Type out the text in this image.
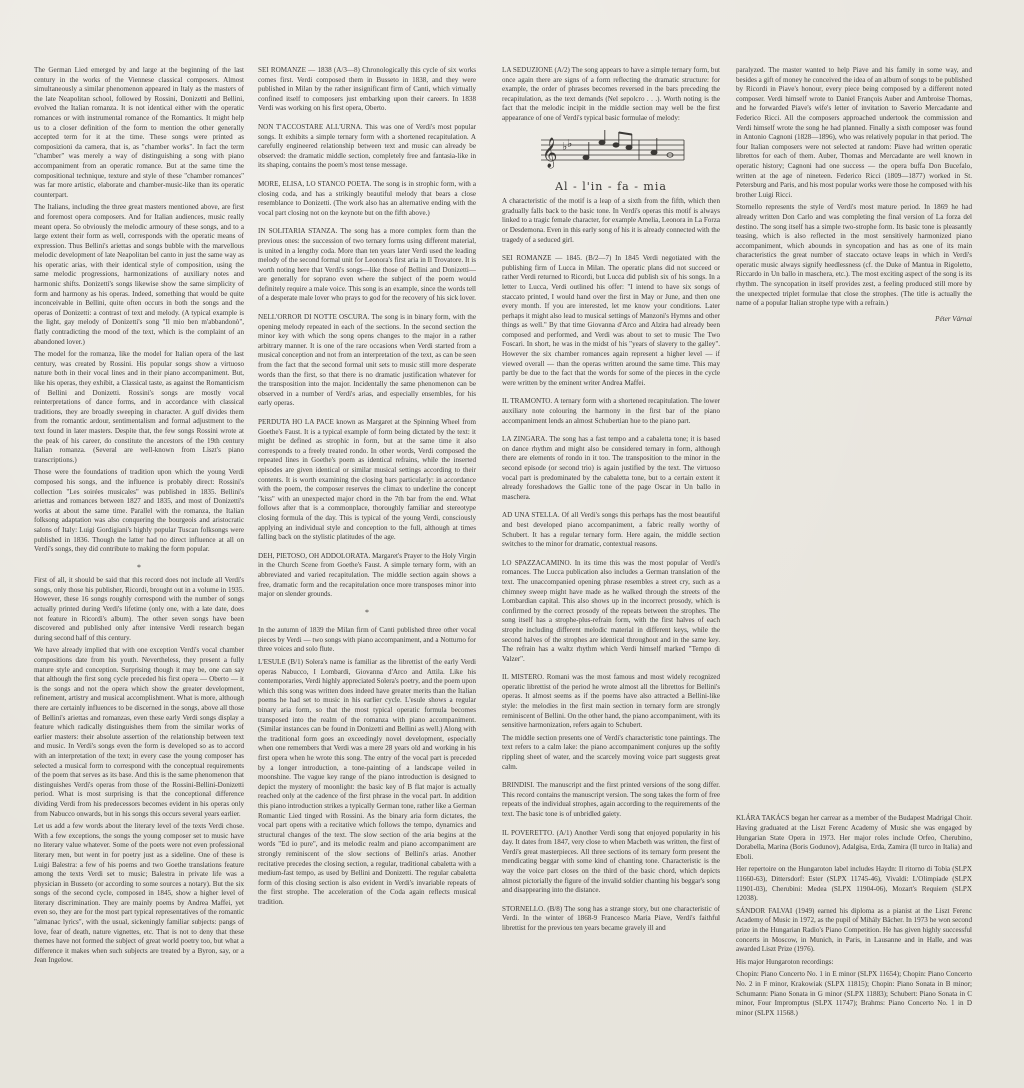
The German Lied emerged by and large at the beginning of the last century in the works of the Viennese classical composers. Almost simultaneously a similar phenomenon appeared in Italy as the masters of the late Neapolitan school, followed by Rossini, Donizetti and Bellini, evolved the Italian romanza. It is not identical either with the operatic romances or with instrumental romance of the Romantics. It might help us to a closer definition of the form to mention the other generally accepted term for it at the time. These songs were printed as composizioni da camera, that is, as "chamber works". In fact the term "chamber" was merely a way of distinguishing a song with piano accompaniment from an operatic romance. But at the same time the compositional technique, texture and style of these "chamber romances" was far more artistic, elaborate and chamber-music-like than its operatic counterpart.

The Italians, including the three great masters mentioned above, are first and foremost opera composers. And for Italian audiences, music really meant opera. So obviously the melodic armoury of these songs, and to a large extent their form as well, corresponds with the operatic means of expression. Thus Bellini's ariettas and songs bubble with the marvellous melodic development of late Neapolitan bel canto in just the same way as his operatic arias, with their identical style of composition, using the same melodic progressions, harmonizations of auxiliary notes and harmonic shifts. Donizetti's songs likewise show the same simplicity of form and harmony as his operas. Indeed, something that would be quite inconceivable in Bellini, quite often occurs in both the songs and the operas of Donizetti: a contrast of text and melody. (A typical example is the light, gay melody of Donizetti's song "Il mio ben m'abbandonò", flatly contradicting the mood of the text, which is the complaint of an abandoned lover.)

The model for the romanza, like the model for Italian opera of the last century, was created by Rossini. His popular songs show a virtuoso nature both in their vocal lines and in their piano accompaniment. But, like his operas, they exhibit, a Classical taste, as against the Romanticism of Bellini and Donizetti. Rossini's songs are mostly vocal reinterpretations of dance forms, and in accordance with classical traditions, they are broadly sweeping in character. A gulf divides them from the romantic ardour, sentimentalism and formal adjustment to the text found in later masters. Despite that, the few songs Rossini wrote at the peak of his career, do constitute the ancestors of the 19th century Italian romanza. (Several are well-known from Liszt's piano transcriptions.)

Those were the foundations of tradition upon which the young Verdi composed his songs, and the influence is probably direct: Rossini's collection "Les soirées musicales" was published in 1835. Bellini's ariettas and romances between 1827 and 1835, and most of Donizetti's works at about the same time. Parallel with the romanza, the Italian folksong adaptation was also conquering the bourgeois and aristocratic salons of Italy: Luigi Gordigiani's highly popular Tuscan folksongs were published in 1836. Though the latter had no direct influence at all on Verdi's songs, they did contribute to making the form popular.

*

First of all, it should be said that this record does not include all Verdi's songs, only those his publisher, Ricordi, brought out in a volume in 1935. However, these 16 songs roughly correspond with the number of songs actually printed during Verdi's lifetime (only one, with a late date, does not feature in Ricordi's album). The other seven songs have been discovered and published only after intensive Verdi research began during second half of this century.

We have already implied that with one exception Verdi's vocal chamber compositions date from his youth. Nevertheless, they present a fully mature style and conception. Surprising though it may be, one can say that although the first song cycle preceded his first opera — Oberto — it is the songs and not the opera which show the greater development, refinement, artistry and musical accomplishment. What is more, although there are certainly influences to be discerned in the songs, above all those of Bellini's ariettas and romanzas, even these early Verdi songs display a feature which radically distinguishes them from the similar works of earlier masters: their absolute assertion of the relationship between text and music. In Verdi's songs even the form is developed so as to accord with an interpretation of the text; in every case the young composer has selected a musical form to correspond with the conceptual requirements of the poem that serves as its base. And this is the same phenomenon that distinguishes Verdi's operas from those of the Rossini-Bellini-Donizetti period. What is most surprising is that the conceptional difference dividing Verdi from his predecessors becomes evident in his operas only from Nabucco onwards, but in his songs this occurs several years earlier.

Let us add a few words about the literary level of the texts Verdi chose. With a few exceptions, the songs the young composer set to music have no literary value whatever. Some of the poets were not even professional literary men, but went in for poetry just as a sideline. One of these is Luigi Balestra: a few of his poems and two Goethe translations feature among the texts Verdi set to music; Balestra in private life was a physician in Busseto (or according to some sources a notary). But the six songs of the second cycle, composed in 1845, show a higher level of literary discrimination. They are mainly poems by Andrea Maffei, yet even so, they are for the most part typical representatives of the romantic "almanac lyrics", with the usual, sickeningly familiar subjects: pangs of love, fear of death, nature vignettes, etc. That is not to deny that these themes have not formed the subject of great world poetry too, but what a difference it makes when such subjects are treated by a Byron, say, or a Jean Ingelow.

SEI ROMANZE — 1838 (A/3—8) Chronologically this cycle of six works comes first. Verdi composed them in Busseto in 1838, and they were published in Milan by the rather insignificant firm of Canti, which virtually confined itself to composers just embarking upon their careers. In 1838 Verdi was working on his first opera, Oberto.

NON T'ACCOSTARE ALL'URNA. This was one of Verdi's most popular songs. It exhibits a simple ternary form with a shortened recapitulation. A carefully engineered relationship between text and music can already be observed: the dramatic middle section, completely free and fantasia-like in its shaping, contains the poem's most tense message.

MORE, ELISA, LO STANCO POETA. The song is in strophic form, with a closing coda, and has a strikingly beautiful melody that bears a close resemblance to Donizetti. (The work also has an alternative ending with the vocal part closing not on the keynote but on the fifth above.)

IN SOLITARIA STANZA. The song has a more complex form than the previous ones: the succession of two ternary forms using different material, is united in a lengthy coda. More than ten years later Verdi used the leading melody of the second formal unit for Leonora's first aria in Il Trovatore. It is worth noting here that Verdi's songs—like those of Bellini and Donizetti—are generally for soprano even where the subject of the poem would definitely require a male voice. This song is an example, since the words tell of a desperate male lover who prays to god for the recovery of his sick lover.

NELL'ORROR DI NOTTE OSCURA. The song is in binary form, with the opening melody repeated in each of the sections. In the second section the minor key with which the song opens changes to the major in a rather arbitrary manner. It is one of the rare occasions when Verdi started from a musical conception and not from an interpretation of the text, as can be seen from the fact that the second formal unit sets to music still more desperate words than the first, so that there is no dramatic justification whatever for the transposition into the major. Incidentally the same phenomenon can be observed in a number of Verdi's arias, and especially ensembles, for his early operas.

PERDUTA HO LA PACE known as Margaret at the Spinning Wheel from Goethe's Faust. It is a typical example of form being dictated by the text: it might be defined as strophic in form, but at the same time it also corresponds to a freely treated rondo. In other words, Verdi composed the repeated lines in Goethe's poem as identical refrains, while the inserted episodes are given identical or similar musical settings according to their contents. It is worth examining the closing bars particularly: in accordance with the poem, the composer reserves the climax to underline the concept "kiss" with an unexpected major chord in the 7th bar from the end. What follows after that is a commonplace, thoroughly familiar and stereotype closing formula of the day. This is typical of the young Verdi, consciously applying an individual style and conception to the full, although at times falling back on the stylistic platitudes of the age.

DEH, PIETOSO, OH ADDOLORATA. Margaret's Prayer to the Holy Virgin in the Church Scene from Goethe's Faust. A simple ternary form, with an abbreviated and varied recapitulation. The middle section again shows a free, dramatic form and the recapitulation once more transposes minor into major on slender grounds.

*

In the autumn of 1839 the Milan firm of Canti published three other vocal pieces by Verdi — two songs with piano accompaniment, and a Notturno for three voices and solo flute.

L'ESULE (B/1) Solera's name is familiar as the librettist of the early Verdi operas Nabucco, I Lombardi, Giovanna d'Arco and Attila. Like his contemporaries, Verdi highly appreciated Solera's poetry, and the poem upon which this song was written does indeed have greater merits than the Italian poems he had set to music in his earlier cycle. L'esule shows a regular binary aria form, so that the most typical operatic formula becomes transposed into the realm of the romanza with piano accompaniment. (Similar instances can be found in Donizetti and Bellini as well.) Along with the traditional form goes an exceedingly novel development, especially when one remembers that Verdi was a mere 28 years old and working in his first opera when he wrote this song. The entry of the vocal part is preceded by a longer introduction, a tone-painting of a landscape veiled in moonshine. The vague key range of the piano introduction is designed to depict the mystery of moonlight: the basic key of B flat major is actually reached only at the cadence of the first phrase in the vocal part. In addition this piano introduction strikes a typically German tone, rather like a German Romantic Lied tinged with Rossini. As the binary aria form dictates, the vocal part opens with a recitative which follows the tempo, dynamics and structural changes of the text. The slow section of the aria begins at the words "Ed io pure", and its melodic realm and piano accompaniment are strongly reminiscent of the slow sections of Bellini's arias. Another recitative precedes the closing section, a regular, traditional cabaletta with a medium-fast tempo, as used by Bellini and Donizetti. The regular cabaletta form of this closing section is also evident in Verdi's invariable repeats of the first strophe. The acceleration of the Coda again reflects musical tradition.

LA SEDUZIONE (A/2) The song appears to have a simple ternary form, but once again there are signs of a form reflecting the dramatic structure: for example, the order of phrases becomes reversed in the bars preceding the recapitulation, as the text demands (Nel sepolcro . . .). Worth noting is the fact that the melodic incipit in the middle section may well be the first appearance of one of Verdi's typical basic formulae of melody:

𝄞 ♭ ♭
Al - l'in - fa - mia

A characteristic of the motif is a leap of a sixth from the fifth, which then gradually falls back to the basic tone. In Verdi's operas this motif is always linked to a tragic female character, for example Amelia, Leonora in La Forza or Desdemona. Even in this early song of his it is already connected with the tragedy of a seduced girl.

SEI ROMANZE — 1845. (B/2—7) In 1845 Verdi negotiated with the publishing firm of Lucca in Milan. The operatic plans did not succeed or rather Verdi returned to Ricordi, but Lucca did publish six of his songs. In a letter to Lucca, Verdi outlined his offer: "I intend to have six songs of staccato printed, I would hand over the first in May or June, and then one every month. If you are interested, let me know your conditions. Later perhaps it might also lead to musical settings of Manzoni's Hymns and other things as well." By that time Giovanna d'Arco and Alzira had already been composed and performed, and Verdi was about to set to music The Two Foscari. In short, he was in the midst of his "years of slavery to the galley". However the six chamber romances again represent a higher level — if viewed overall — than the operas written around the same time. This may partly be due to the fact that the words for some of the pieces in the cycle were written by the eminent writer Andrea Maffei.

IL TRAMONTO. A ternary form with a shortened recapitulation. The lower auxiliary note colouring the harmony in the first bar of the piano accompaniment lends an almost Schubertian hue to the piano part.

LA ZINGARA. The song has a fast tempo and a cabaletta tone; it is based on dance rhythm and might also be considered ternary in form, although there are elements of rondo in it too. The transposition to the minor in the second episode (or second trio) is again justified by the text. The virtuoso vocal part is predominated by the cabaletta tone, but to a certain extent it already foreshadows the Gallic tone of the page Oscar in Un ballo in maschera.

AD UNA STELLA. Of all Verdi's songs this perhaps has the most beautiful and best developed piano accompaniment, a fabric really worthy of Schubert. It has a regular ternary form. Here again, the middle section switches to the minor for dramatic, contextual reasons.

LO SPAZZACAMINO. In its time this was the most popular of Verdi's romances. The Lucca publication also includes a German translation of the text. The unaccompanied opening phrase resembles a street cry, such as a chimney sweep might have made as he walked through the streets of the Lombardian capital. This also shows up in the incorrect prosody, which is confirmed by the correct prosody of the repeats between the strophes. The song itself has a strophe-plus-refrain form, with the first halves of each strophe including different melodic material in different keys, while the second halves of the strophes are identical throughout and in the same key. The refrain has a waltz rhythm which Verdi himself marked "Tempo di Valzer".

IL MISTERO. Romani was the most famous and most widely recognized operatic librettist of the period he wrote almost all the librettos for Bellini's operas. It almost seems as if the poems have also attracted a Bellini-like style: the melodies in the first main section in ternary form are strongly reminiscent of Bellini. On the other hand, the piano accompaniment, with its sensitive harmonization, refers again to Schubert.

The middle section presents one of Verdi's characteristic tone paintings. The text refers to a calm lake: the piano accompaniment conjures up the softly rippling sheet of water, and the scarcely moving voice part suggests great calm.

BRINDISI. The manuscript and the first printed versions of the song differ. This record contains the manuscript version. The song takes the form of free repeats of the individual strophes, again according to the requirements of the text. The basic tone is of unbridled gaiety.

IL POVERETTO. (A/1) Another Verdi song that enjoyed popularity in his day. It dates from 1847, very close to when Macbeth was written, the first of Verdi's great masterpieces. All three sections of its ternary form present the mendicating beggar with some kind of chanting tone. Characteristic is the way the voice part closes on the third of the basic chord, which depicts almost pictorially the figure of the invalid soldier chanting his beggar's song and disappearing into the distance.

STORNELLO. (B/8) The song has a strange story, but one characteristic of Verdi. In the winter of 1868-9 Francesco Maria Piave, Verdi's faithful librettist for the previous ten years became gravely ill and

paralyzed. The master wanted to help Piave and his family in some way, and besides a gift of money he conceived the idea of an album of songs to be published by Ricordi in Piave's honour, every piece being composed by a different noted composer. Verdi himself wrote to Daniel François Auber and Ambroise Thomas, and he forwarded Piave's wife's letter of invitation to Saverio Mercadante and Federico Ricci. All the composers approached undertook the commission and Verdi himself wrote the song he had planned. Finally a sixth composer was found in Antonio Cagnoni (1828—1896), who was relatively popular in that period. The four Italian composers were not selected at random: Piave had written operatic librettos for each of them. Auber, Thomas and Mercadante are well known in operatic history; Cagnoni had one success — the opera buffa Don Bucefalo, written at the age of nineteen. Federico Ricci (1809—1877) worked in St. Petersburg and Paris, and his most popular works were those he composed with his brother Luigi Ricci.

Stornello represents the style of Verdi's most mature period. In 1869 he had already written Don Carlo and was completing the final version of La forza del destino. The song itself has a simple two-strophe form. Its basic tone is pleasantly teasing, which is also reflected in the most sensitively harmonized piano accompaniment, which abounds in syncopation and has as one of its main characteristics the great number of staccato octave leaps in which in Verdi's operatic music always signify heedlessness (cf. the Duke of Mantua in Rigoletto, Riccardo in Un ballo in maschera, etc.). The most exciting aspect of the song is its rhythm. The syncopation in itself provides zest, a feeling produced still more by the unexpected triplet formulae that close the strophes. (The title is actually the name of a popular Italian strophe type with a refrain.)

Péter Várnai

KLÁRA TAKÁCS began her carrear as a member of the Budapest Madrigal Choir. Having graduated at the Liszt Ferenc Academy of Music she was engaged by Hungarian State Opera in 1973. Her major roles include Orfeo, Cherubino, Dorabella, Marina (Boris Godunov), Adalgisa, Erda, Zamira (Il turco in Italia) and Eboli.

Her repertoire on the Hungaroton label includes Haydn: Il ritorno di Tobia (SLPX 11660-63), Dittersdorf: Ester (SLPX 11745-46), Vivaldi: L'Olimpiade (SLPX 11901-03), Cherubini: Medea (SLPX 11904-06), Mozart's Requiem (SLPX 12038).

SÁNDOR FALVAI (1949) earned his diploma as a pianist at the Liszt Ferenc Academy of Music in 1972, as the pupil of Mihály Bächer. In 1973 he won second prize in the Hungarian Radio's Piano Competition. He has given highly successful concerts in Moscow, in Munich, in Paris, in Lausanne and in Halle, and was awarded Liszt Prize (1976).

His major Hungaroton recordings:

Chopin: Piano Concerto No. 1 in E minor (SLPX 11654); Chopin: Piano Concerto No. 2 in F minor, Krakowiak (SLPX 11815); Chopin: Piano Sonata in B minor; Schumann: Piano Sonata in G minor (SLPX 11883); Schubert: Piano Sonata in C minor, Four Impromptus (SLPX 11747); Brahms: Piano Concerto No. 1 in D minor (SLPX 11568.)
